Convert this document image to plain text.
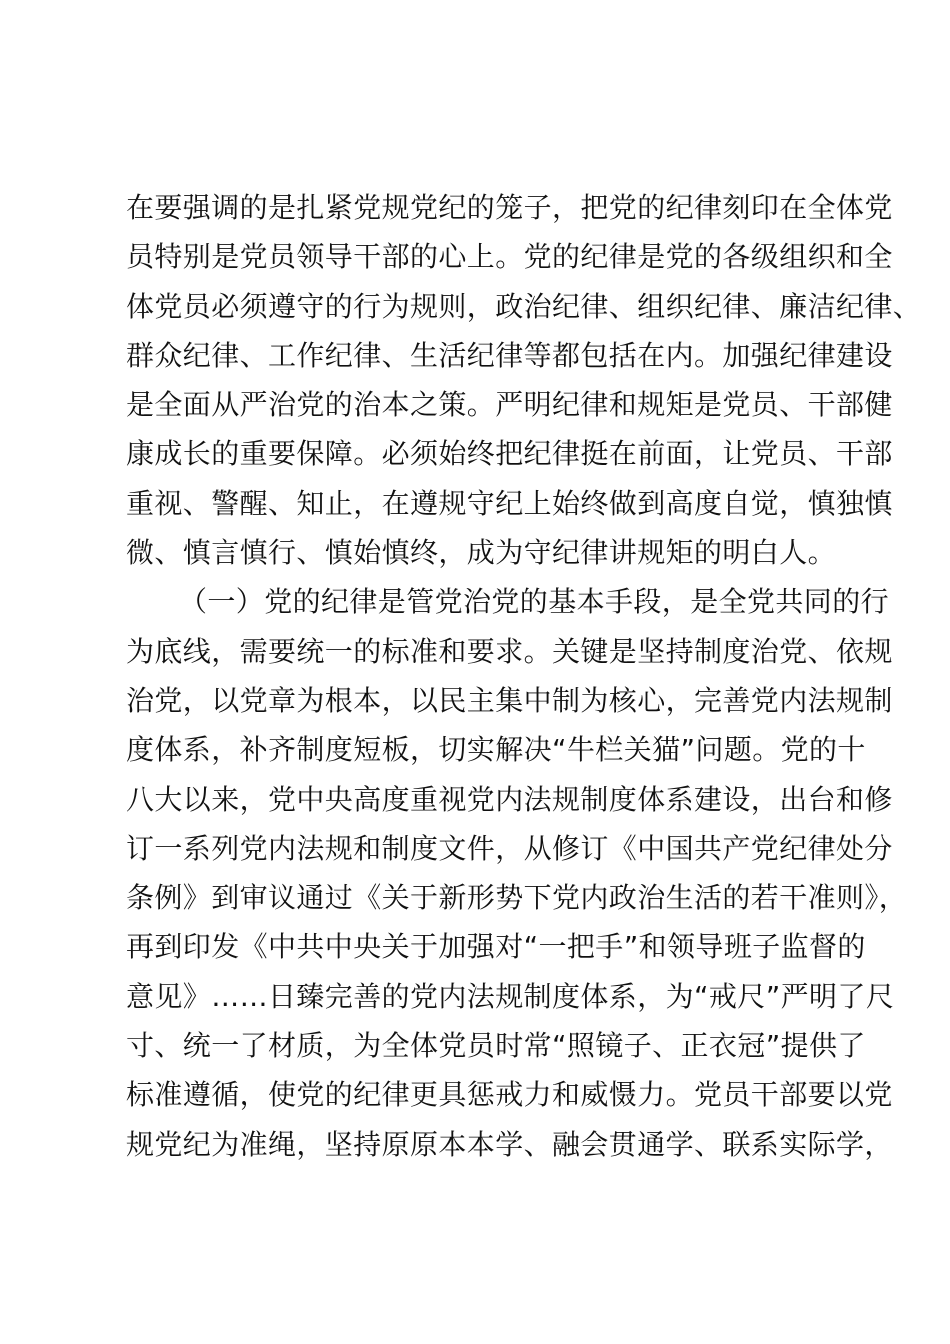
在要强调的是扎紧党规党纪的笼子，把党的纪律刻印在全体党
员特别是党员领导干部的心上。党的纪律是党的各级组织和全
体党员必须遵守的行为规则，政治纪律、组织纪律、廉洁纪律、
群众纪律、工作纪律、生活纪律等都包括在内。加强纪律建设
是全面从严治党的治本之策。严明纪律和规矩是党员、干部健
康成长的重要保障。必须始终把纪律挺在前面，让党员、干部
重视、警醒、知止，在遵规守纪上始终做到高度自觉，慎独慎
微、慎言慎行、慎始慎终，成为守纪律讲规矩的明白人。
（一）党的纪律是管党治党的基本手段，是全党共同的行
为底线，需要统一的标准和要求。关键是坚持制度治党、依规
治党，以党章为根本，以民主集中制为核心，完善党内法规制
度体系，补齐制度短板，切实解决“牛栏关猫”问题。党的十
八大以来，党中央高度重视党内法规制度体系建设，出台和修
订一系列党内法规和制度文件，从修订《中国共产党纪律处分
条例》到审议通过《关于新形势下党内政治生活的若干准则》，
再到印发《中共中央关于加强对“一把手”和领导班子监督的
意见》……日臻完善的党内法规制度体系，为“戒尺”严明了尺
寸、统一了材质，为全体党员时常“照镜子、正衣冠”提供了
标准遵循，使党的纪律更具惩戒力和威慑力。党员干部要以党
规党纪为准绳，坚持原原本本学、融会贯通学、联系实际学，
